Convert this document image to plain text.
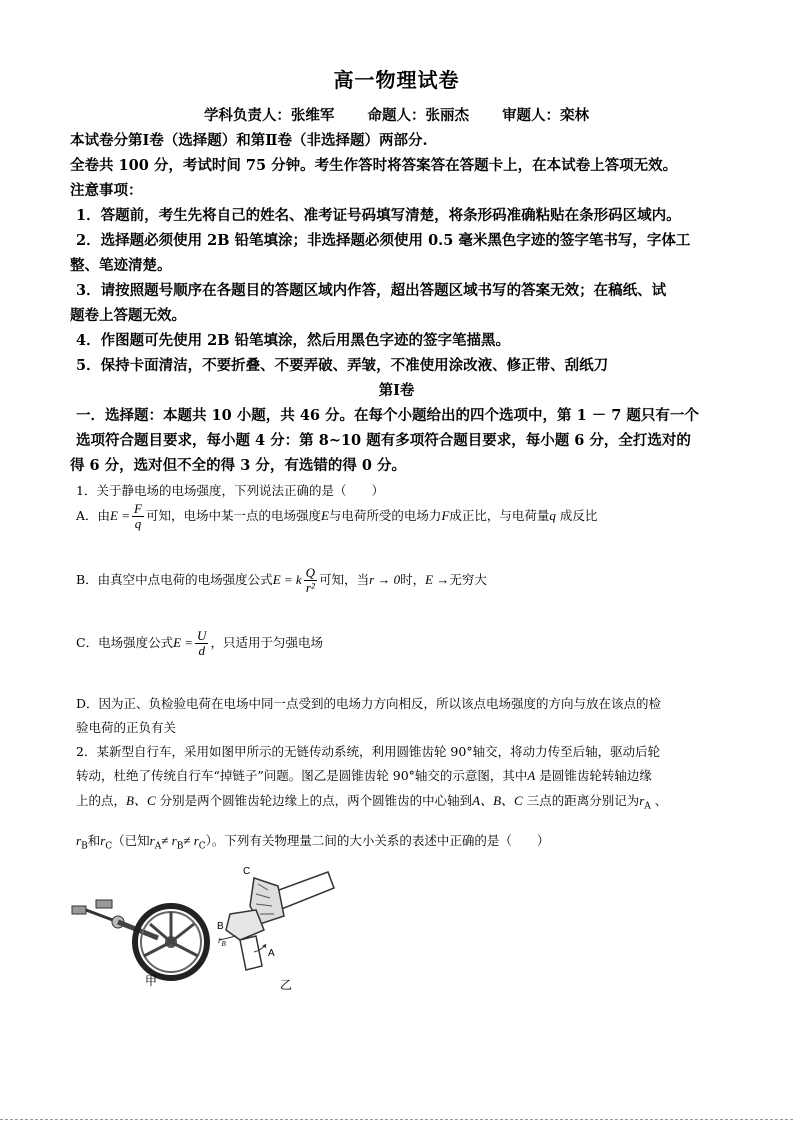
高一物理试卷
学科负责人：张维军 命题人：张丽杰 审题人：栾林
本试卷分第Ⅰ卷（选择题）和第Ⅱ卷（非选择题）两部分.
全卷共 100 分，考试时间 75 分钟。考生作答时将答案答在答题卡上，在本试卷上答项无效。
注意事项：
1．答题前，考生先将自己的姓名、准考证号码填写清楚，将条形码准确粘贴在条形码区域内。
2．选择题必须使用 2B 铅笔填涂；非选择题必须使用 0.5 毫米黑色字迹的签字笔书写，字体工
整、笔迹清楚。
3．请按照题号顺序在各题目的答题区域内作答，超出答题区域书写的答案无效；在稿纸、试
题卷上答题无效。
4．作图题可先使用 2B 铅笔填涂，然后用黑色字迹的签字笔描黑。
5．保持卡面清洁，不要折叠、不要弄破、弄皱，不准使用涂改液、修正带、刮纸刀
第Ⅰ卷
一．选择题：本题共 10 小题，共 46 分。在每个小题给出的四个选项中，第 1 － 7 题只有一个
选项符合题目要求，每小题 4 分：第 8~10 题有多项符合题目要求，每小题 6 分，全打选对的
得 6 分，选对但不全的得 3 分，有选错的得 0 分。
1．关于静电场的电场强度，下列说法正确的是（　　）
A．由$E = \frac{F}{q}$ 可知，电场中某一点的电场强度E与电荷所受的电场力F成正比，与电荷量q 成反比
B．由真空中点电荷的电场强度公式E = k $\frac{Q}{\text{r²}}$ 可知，当r → 0时，E →无穷大
C．电场强度公式$E = \frac{U}{d}$ ，只适用于匀强电场
D．因为正、负检验电荷在电场中同一点受到的电场力方向相反，所以该点电场强度的方向与放在该点的检
验电荷的正负有关
2．某新型自行车，采用如图甲所示的无链传动系统，利用圆锥齿轮 90°轴交，将动力传至后轴，驱动后轮
转动，杜绝了传统自行车“掉链子”问题。图乙是圆锥齿轮 90°轴交的示意图，其中A 是圆锥齿轮转轴边缘
上的点，B、C 分别是两个圆锥齿轮边缘上的点，两个圆锥齿的中心轴到A、B、C 三点的距离分别记为$r_A$ 、
$r_B$和$r_C$（已知$r_A\ne r_B\ne r_C$）。下列有关物理量二间的大小关系的表述中正确的是（　　）
甲
C
B
$r_B$
A
乙
